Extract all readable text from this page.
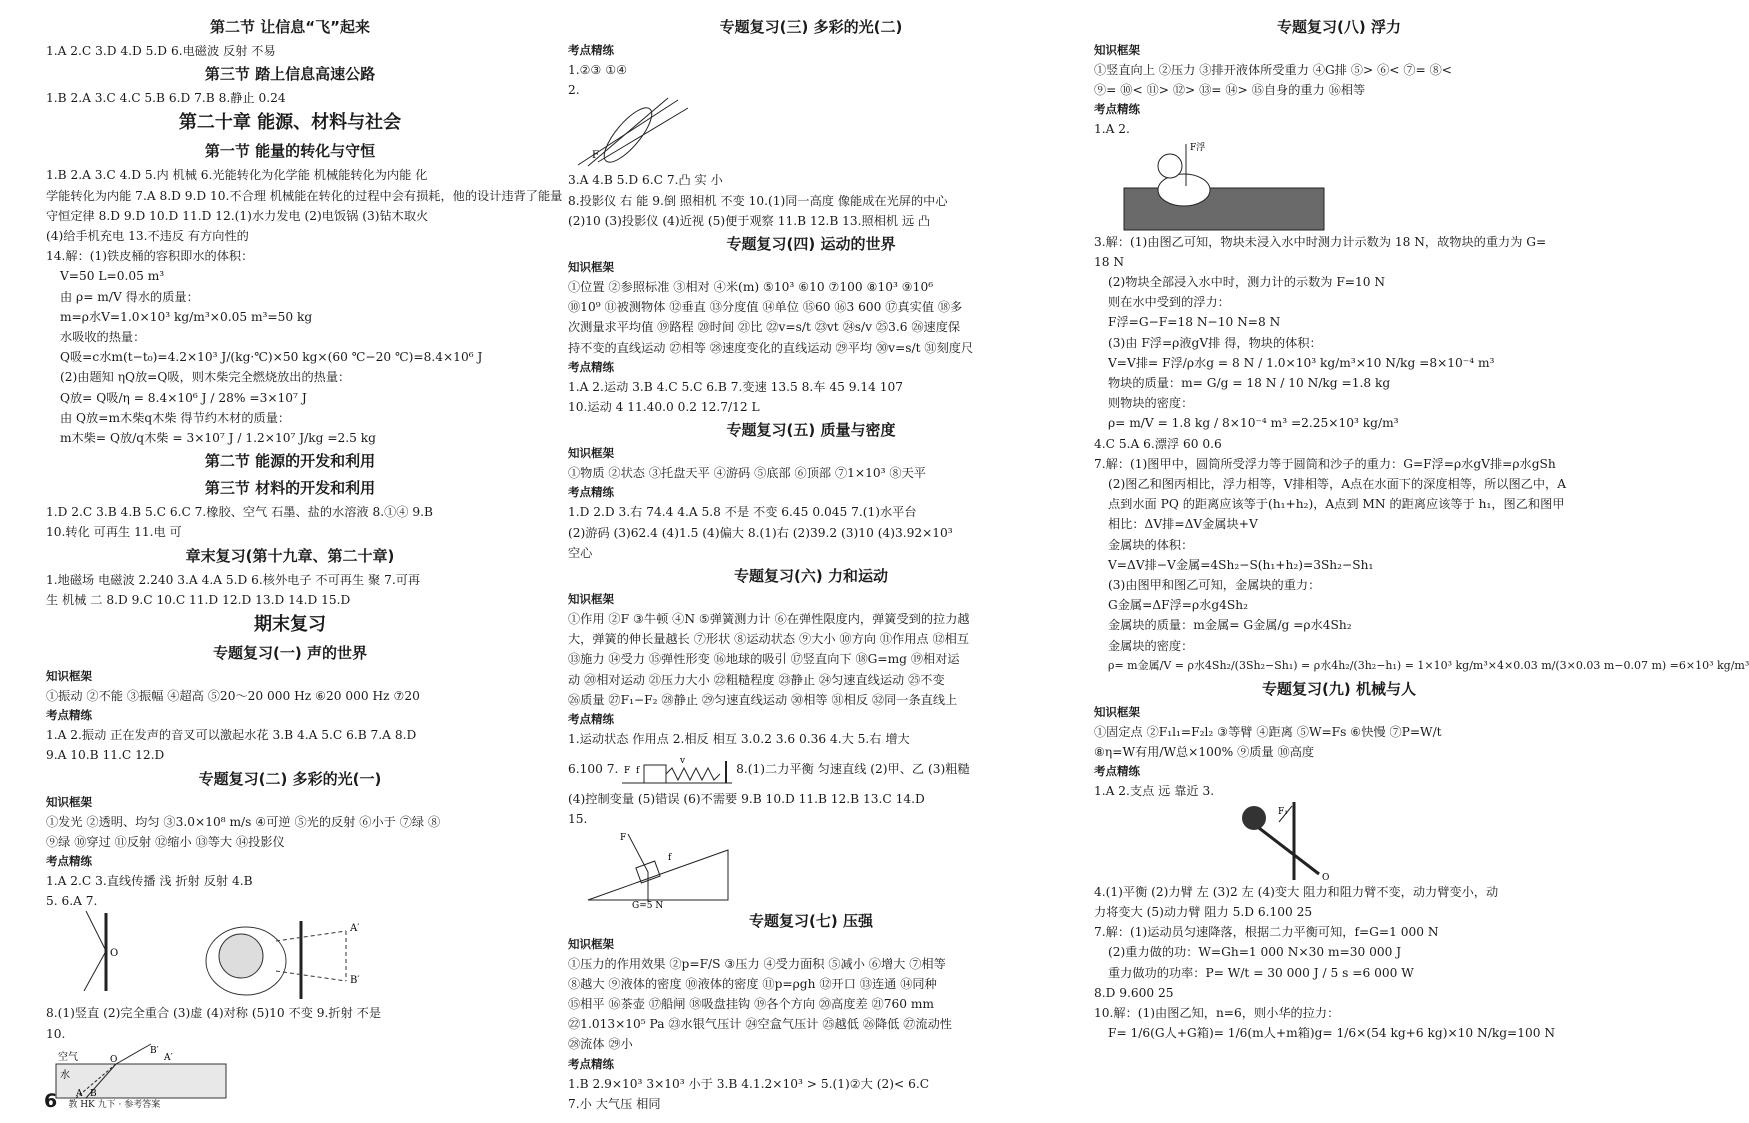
第二节 让信息“飞”起来
1.A 2.C 3.D 4.D 5.D 6.电磁波 反射 不易
第三节 踏上信息高速公路
1.B 2.A 3.C 4.C 5.B 6.D 7.B 8.静止 0.24
第二十章 能源、材料与社会
第一节 能量的转化与守恒
1.B 2.A 3.C 4.D 5.内 机械 6.光能转化为化学能 机械能转化为内能 化
学能转化为内能 7.A 8.D 9.D 10.不合理 机械能在转化的过程中会有损耗，他的设计违背了能量
守恒定律 8.D 9.D 10.D 11.D 12.(1)水力发电 (2)电饭锅 (3)钻木取火
(4)给手机充电 13.不违反 有方向性的
14.解：(1)铁皮桶的容积即水的体积：
V=50 L=0.05 m³
由 ρ= m/V 得水的质量：
m=ρ水V=1.0×10³ kg/m³×0.05 m³=50 kg
水吸收的热量：
Q吸=c水m(t−t₀)=4.2×10³ J/(kg·℃)×50 kg×(60 ℃−20 ℃)=8.4×10⁶ J
(2)由题知 ηQ放=Q吸，则木柴完全燃烧放出的热量：
Q放= Q吸/η = 8.4×10⁶ J / 28% =3×10⁷ J
由 Q放=m木柴q木柴 得节约木材的质量：
m木柴= Q放/q木柴 = 3×10⁷ J / 1.2×10⁷ J/kg =2.5 kg
第二节 能源的开发和利用
第三节 材料的开发和利用
1.D 2.C 3.B 4.B 5.C 6.C 7.橡胶、空气 石墨、盐的水溶液 8.①④ 9.B
10.转化 可再生 11.电 可
章末复习(第十九章、第二十章)
1.地磁场 电磁波 2.240 3.A 4.A 5.D 6.核外电子 不可再生 聚 7.可再
生 机械 二 8.D 9.C 10.C 11.D 12.D 13.D 14.D 15.D
期末复习
专题复习(一) 声的世界
知识框架
①振动 ②不能 ③振幅 ④超高 ⑤20～20 000 Hz ⑥20 000 Hz ⑦20
考点精练
1.A 2.振动 正在发声的音叉可以激起水花 3.B 4.A 5.C 6.B 7.A 8.D
9.A 10.B 11.C 12.D
专题复习(二) 多彩的光(一)
知识框架
①发光 ②透明、均匀 ③3.0×10⁸ m/s ④可逆 ⑤光的反射 ⑥小于 ⑦绿 ⑧
⑨绿 ⑩穿过 ⑪反射 ⑫缩小 ⑬等大 ⑭投影仪
考点精练
1.A 2.C 3.直线传播 浅 折射 反射 4.B
5. 6.A 7.
O
A′
B′
8.(1)竖直 (2)完全重合 (3)虚 (4)对称 (5)10 不变 9.折射 不是
10.
空气
水
B′
A′
O
A B
专题复习(三) 多彩的光(二)
考点精练
1.②③ ①④
2.
F
3.A 4.B 5.D 6.C 7.凸 实 小
8.投影仪 右 能 9.倒 照相机 不变 10.(1)同一高度 像能成在光屏的中心
(2)10 (3)投影仪 (4)近视 (5)便于观察 11.B 12.B 13.照相机 远 凸
专题复习(四) 运动的世界
知识框架
①位置 ②参照标准 ③相对 ④米(m) ⑤10³ ⑥10 ⑦100 ⑧10³ ⑨10⁶
⑩10⁹ ⑪被测物体 ⑫垂直 ⑬分度值 ⑭单位 ⑮60 ⑯3 600 ⑰真实值 ⑱多
次测量求平均值 ⑲路程 ⑳时间 ㉑比 ㉒v=s/t ㉓vt ㉔s/v ㉕3.6 ㉖速度保
持不变的直线运动 ㉗相等 ㉘速度变化的直线运动 ㉙平均 ㉚v=s/t ㉛刻度尺
考点精练
1.A 2.运动 3.B 4.C 5.C 6.B 7.变速 13.5 8.车 45 9.14 107
10.运动 4 11.40.0 0.2 12.7/12 L
专题复习(五) 质量与密度
知识框架
①物质 ②状态 ③托盘天平 ④游码 ⑤底部 ⑥顶部 ⑦1×10³ ⑧天平
考点精练
1.D 2.D 3.右 74.4 4.A 5.8 不是 不变 6.45 0.045 7.(1)水平台
(2)游码 (3)62.4 (4)1.5 (4)偏大 8.(1)右 (2)39.2 (3)10 (4)3.92×10³
空心
专题复习(六) 力和运动
知识框架
①作用 ②F ③牛顿 ④N ⑤弹簧测力计 ⑥在弹性限度内，弹簧受到的拉力越
大，弹簧的伸长量越长 ⑦形状 ⑧运动状态 ⑨大小 ⑩方向 ⑪作用点 ⑫相互
⑬施力 ⑭受力 ⑮弹性形变 ⑯地球的吸引 ⑰竖直向下 ⑱G=mg ⑲相对运
动 ⑳相对运动 ㉑压力大小 ㉒粗糙程度 ㉓静止 ㉔匀速直线运动 ㉕不变
㉖质量 ㉗F₁−F₂ ㉘静止 ㉙匀速直线运动 ㉚相等 ㉛相反 ㉜同一条直线上
考点精练
1.运动状态 作用点 2.相反 相互 3.0.2 3.6 0.36 4.大 5.右 增大
6.100 7. F f
v
8.(1)二力平衡 匀速直线 (2)甲、乙 (3)粗糙
(4)控制变量 (5)错误 (6)不需要 9.B 10.D 11.B 12.B 13.C 14.D
15.
F
f
G=5 N
专题复习(七) 压强
知识框架
①压力的作用效果 ②p=F/S ③压力 ④受力面积 ⑤减小 ⑥增大 ⑦相等
⑧越大 ⑨液体的密度 ⑩液体的密度 ⑪p=ρgh ⑫开口 ⑬连通 ⑭同种
⑮相平 ⑯茶壶 ⑰船闸 ⑱吸盘挂钩 ⑲各个方向 ⑳高度差 ㉑760 mm
㉒1.013×10⁵ Pa ㉓水银气压计 ㉔空盒气压计 ㉕越低 ㉖降低 ㉗流动性
㉘流体 ㉙小
考点精练
1.B 2.9×10³ 3×10³ 小于 3.B 4.1.2×10³ > 5.(1)②大 (2)< 6.C
7.小 大气压 相同
专题复习(八) 浮力
知识框架
①竖直向上 ②压力 ③排开液体所受重力 ④G排 ⑤> ⑥< ⑦= ⑧<
⑨= ⑩< ⑪> ⑫> ⑬= ⑭> ⑮自身的重力 ⑯相等
考点精练
1.A 2.
F浮
3.解：(1)由图乙可知，物块未浸入水中时测力计示数为 18 N，故物块的重力为 G=
18 N
(2)物块全部浸入水中时，测力计的示数为 F=10 N
则在水中受到的浮力：
F浮=G−F=18 N−10 N=8 N
(3)由 F浮=ρ液gV排 得，物块的体积：
V=V排= F浮/ρ水g = 8 N / 1.0×10³ kg/m³×10 N/kg =8×10⁻⁴ m³
物块的质量：m= G/g = 18 N / 10 N/kg =1.8 kg
则物块的密度：
ρ= m/V = 1.8 kg / 8×10⁻⁴ m³ =2.25×10³ kg/m³
4.C 5.A 6.漂浮 60 0.6
7.解：(1)图甲中，圆筒所受浮力等于圆筒和沙子的重力：G=F浮=ρ水gV排=ρ水gSh
(2)图乙和图丙相比，浮力相等，V排相等，A点在水面下的深度相等，所以图乙中，A
点到水面 PQ 的距离应该等于(h₁+h₂)，A点到 MN 的距离应该等于 h₁，图乙和图甲
相比：ΔV排=ΔV金属块+V
金属块的体积：
V=ΔV排−V金属=4Sh₂−S(h₁+h₂)=3Sh₂−Sh₁
(3)由图甲和图乙可知，金属块的重力：
G金属=ΔF浮=ρ水g4Sh₂
金属块的质量：m金属= G金属/g =ρ水4Sh₂
金属块的密度：
ρ= m金属/V = ρ水4Sh₂/(3Sh₂−Sh₁) = ρ水4h₂/(3h₂−h₁) = 1×10³ kg/m³×4×0.03 m/(3×0.03 m−0.07 m) =6×10³ kg/m³
专题复习(九) 机械与人
知识框架
①固定点 ②F₁l₁=F₂l₂ ③等臂 ④距离 ⑤W=Fs ⑥快慢 ⑦P=W/t
⑧η=W有用/W总×100% ⑨质量 ⑩高度
考点精练
1.A 2.支点 远 靠近 3.
F₁
O
4.(1)平衡 (2)力臂 左 (3)2 左 (4)变大 阻力和阻力臂不变，动力臂变小，动
力将变大 (5)动力臂 阻力 5.D 6.100 25
7.解：(1)运动员匀速降落，根据二力平衡可知，f=G=1 000 N
(2)重力做的功：W=Gh=1 000 N×30 m=30 000 J
重力做功的功率：P= W/t = 30 000 J / 5 s =6 000 W
8.D 9.600 25
10.解：(1)由图乙知，n=6，则小华的拉力：
F= 1/6(G人+G箱)= 1/6(m人+m箱)g= 1/6×(54 kg+6 kg)×10 N/kg=100 N
6 教 HK 九下 · 参考答案
